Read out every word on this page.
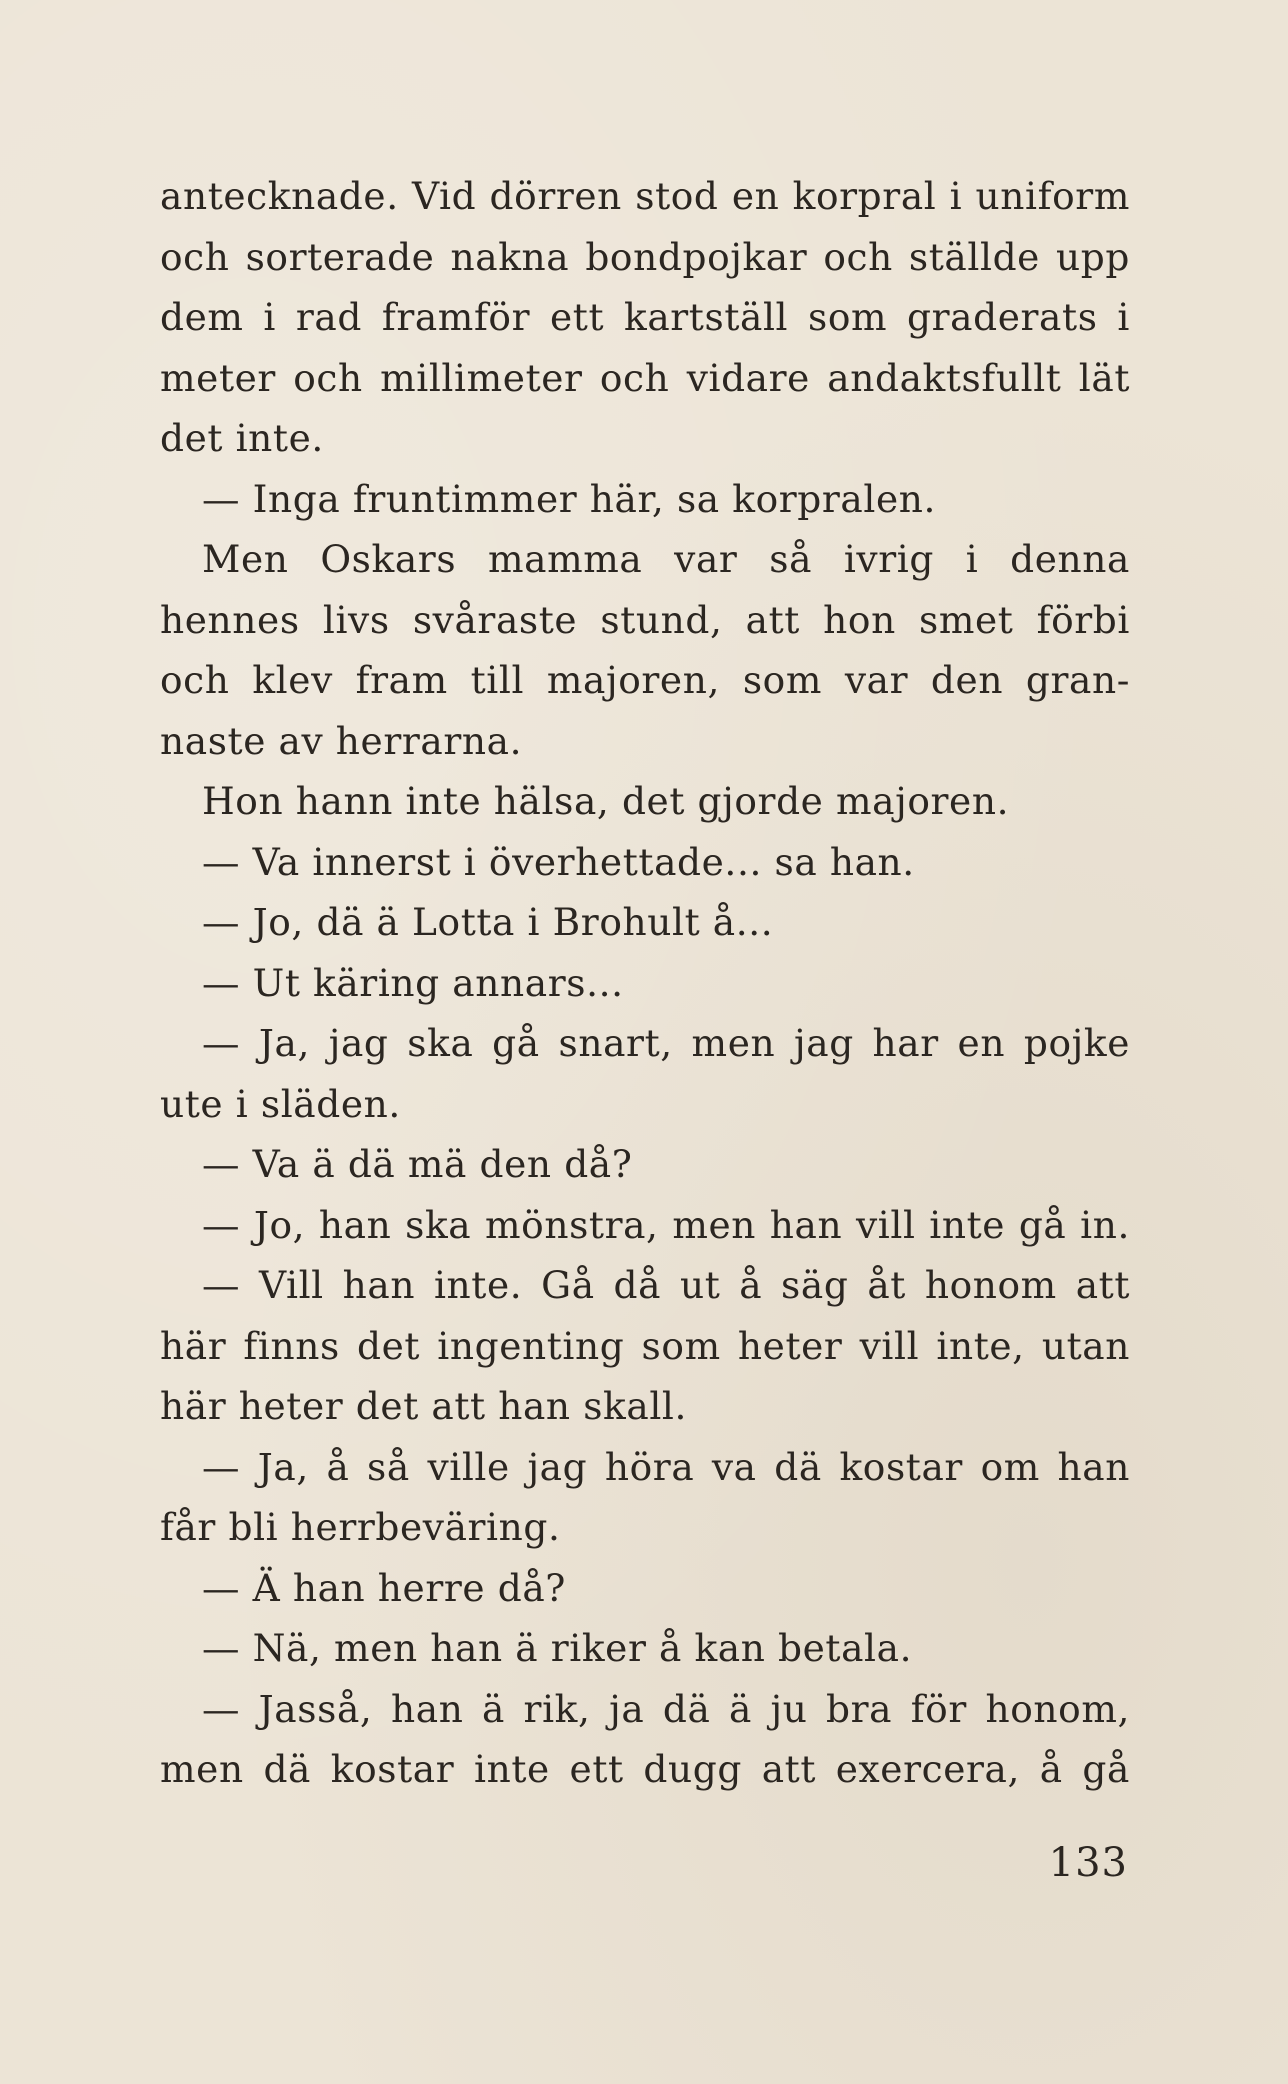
antecknade. Vid dörren stod en korpral i uniform
och sorterade nakna bondpojkar och ställde upp
dem i rad framför ett kartställ som graderats i
meter och millimeter och vidare andaktsfullt lät
det inte.
— Inga fruntimmer här, sa korpralen.
Men Oskars mamma var så ivrig i denna
hennes livs svåraste stund, att hon smet förbi
och klev fram till majoren, som var den gran-
naste av herrarna.
Hon hann inte hälsa, det gjorde majoren.
— Va innerst i överhettade... sa han.
— Jo, dä ä Lotta i Brohult å...
— Ut käring annars...
— Ja, jag ska gå snart, men jag har en pojke
ute i släden.
— Va ä dä mä den då?
— Jo, han ska mönstra, men han vill inte gå in.
— Vill han inte. Gå då ut å säg åt honom att
här finns det ingenting som heter vill inte, utan
här heter det att han skall.
— Ja, å så ville jag höra va dä kostar om han
får bli herrbeväring.
— Ä han herre då?
— Nä, men han ä riker å kan betala.
— Jasså, han ä rik, ja dä ä ju bra för honom,
men dä kostar inte ett dugg att exercera, å gå
133
